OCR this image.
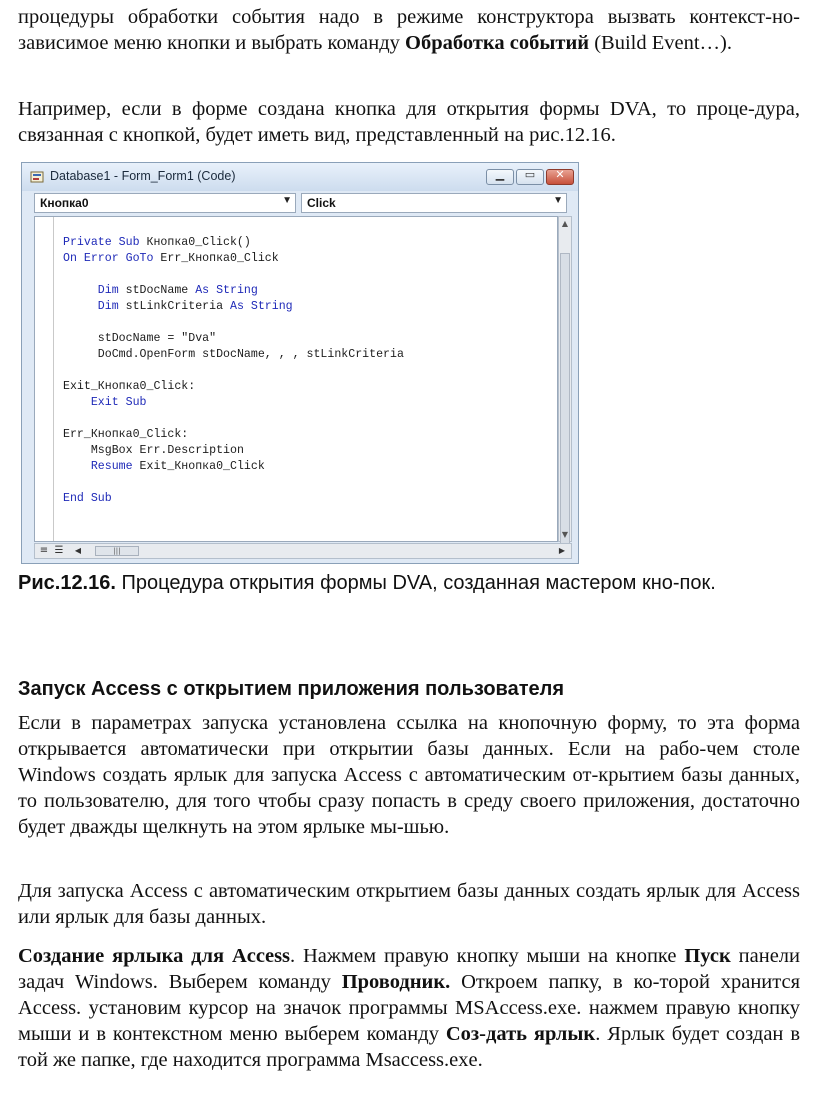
процедуры обработки события надо в режиме конструктора вызвать контекст-но-зависимое меню кнопки и выбрать команду Обработка событий (Build Event…).

Например, если в форме создана кнопка для открытия формы DVA, то проце-дура, связанная с кнопкой, будет иметь вид, представленный на рис.12.16.

Database1 - Form_Form1 (Code)	▁	▭	✕
Кнопка0	▼ Click	▼
Private Sub Кнопка0_Click()
On Error GoTo Err_Кнопка0_Click

Dim stDocName As String
Dim stLinkCriteria As String

stDocName = "Dva"
DoCmd.OpenForm stDocName, , , stLinkCriteria

Exit_Кнопка0_Click:
Exit Sub

Err_Кнопка0_Click:
MsgBox Err.Description
Resume Exit_Кнопка0_Click

End Sub
▲
▼
≡ ☰	◀	|||	▶

Рис.12.16. Процедура открытия формы DVA, созданная мастером кно-пок.

Запуск Access с открытием приложения пользователя

Если в параметрах запуска установлена ссылка на кнопочную форму, то эта форма открывается автоматически при открытии базы данных. Если на рабо-чем столе Windows создать ярлык для запуска Access с автоматическим от-крытием базы данных, то пользователю, для того чтобы сразу попасть в среду своего приложения, достаточно будет дважды щелкнуть на этом ярлыке мы-шью.

Для запуска Access с автоматическим открытием базы данных создать ярлык для Access или ярлык для базы данных.

Создание ярлыка для Access. Нажмем правую кнопку мыши на кнопке Пуск панели задач Windows. Выберем команду Проводник. Откроем папку, в ко-торой хранится Access. установим курсор на значок программы MSAccess.exe. нажмем правую кнопку мыши и в контекстном меню выберем команду Соз-дать ярлык. Ярлык будет создан в той же папке, где находится программа Msaccess.exe.
